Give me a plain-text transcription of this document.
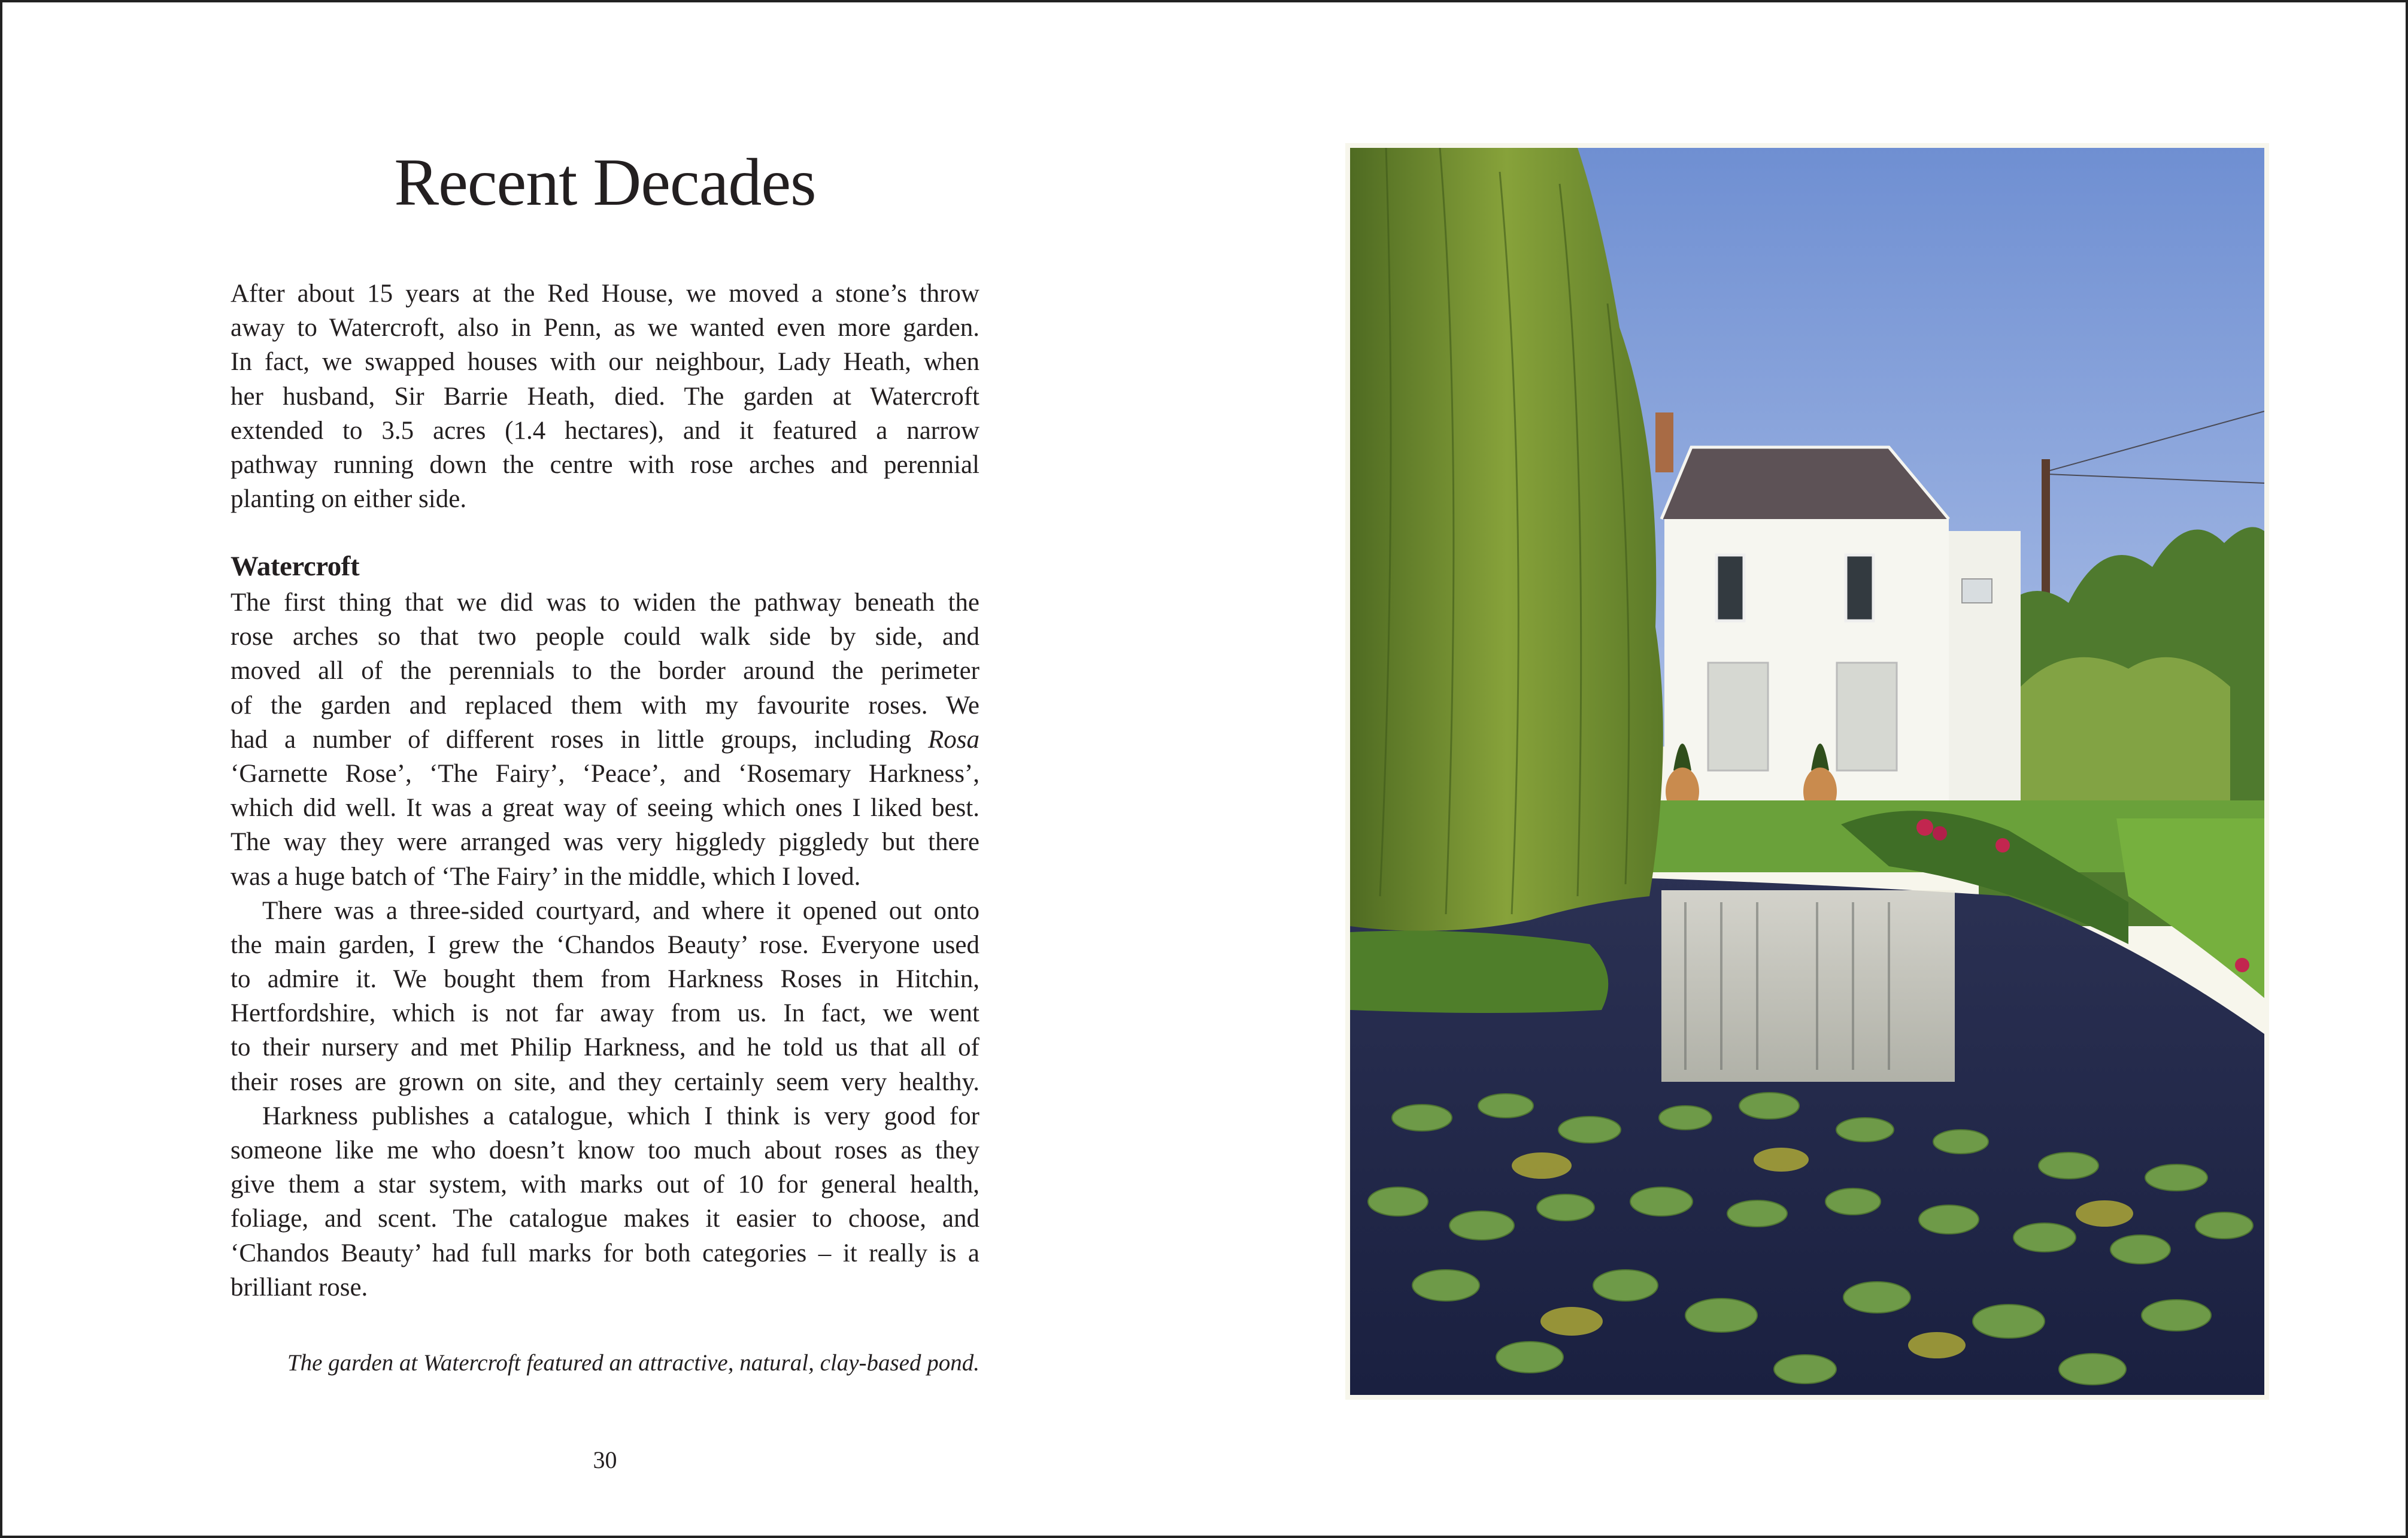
Recent Decades
After about 15 years at the Red House, we moved a stone’s throw
away to Watercroft, also in Penn, as we wanted even more garden.
In fact, we swapped houses with our neighbour, Lady Heath, when
her husband, Sir Barrie Heath, died. The garden at Watercroft
extended to 3.5 acres (1.4 hectares), and it featured a narrow
pathway running down the centre with rose arches and perennial
planting on either side.
Watercroft
The first thing that we did was to widen the pathway beneath the
rose arches so that two people could walk side by side, and
moved all of the perennials to the border around the perimeter
of the garden and replaced them with my favourite roses. We
had a number of different roses in little groups, including Rosa
‘Garnette Rose’, ‘The Fairy’, ‘Peace’, and ‘Rosemary Harkness’,
which did well. It was a great way of seeing which ones I liked best.
The way they were arranged was very higgledy piggledy but there
was a huge batch of ‘The Fairy’ in the middle, which I loved.
There was a three-sided courtyard, and where it opened out onto
the main garden, I grew the ‘Chandos Beauty’ rose. Everyone used
to admire it. We bought them from Harkness Roses in Hitchin,
Hertfordshire, which is not far away from us. In fact, we went
to their nursery and met Philip Harkness, and he told us that all of
their roses are grown on site, and they certainly seem very healthy.
Harkness publishes a catalogue, which I think is very good for
someone like me who doesn’t know too much about roses as they
give them a star system, with marks out of 10 for general health,
foliage, and scent. The catalogue makes it easier to choose, and
‘Chandos Beauty’ had full marks for both categories – it really is a
brilliant rose.
The garden at Watercroft featured an attractive, natural, clay-based pond.
30
